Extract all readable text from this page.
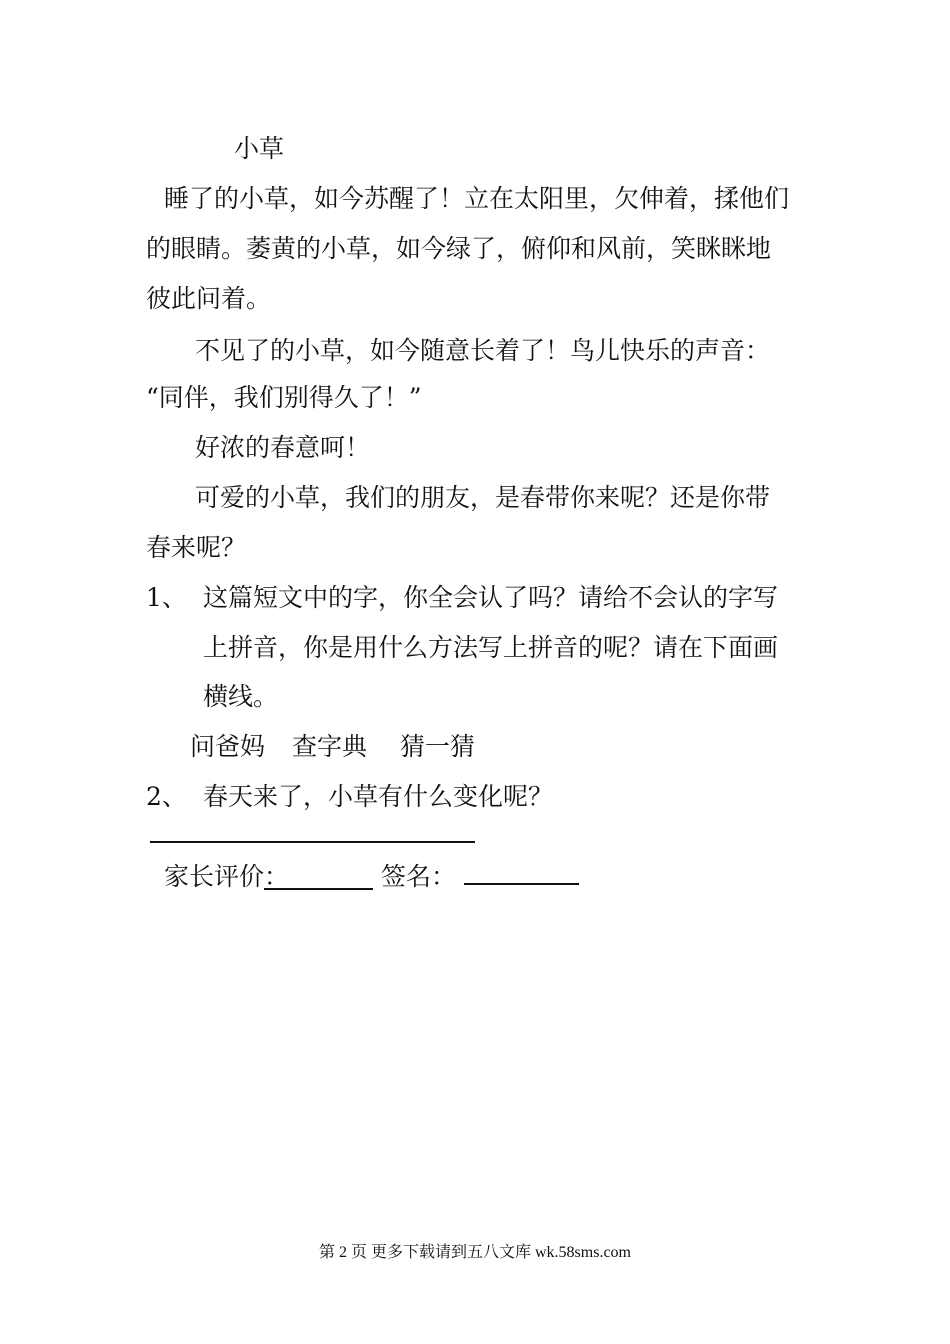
小草
睡了的小草，如今苏醒了！立在太阳里，欠伸着，揉他们
的眼睛。萎黄的小草，如今绿了，俯仰和风前，笑眯眯地
彼此问着。
不见了的小草，如今随意长着了！鸟儿快乐的声音：
“同伴，我们别得久了！”
好浓的春意呵！
可爱的小草，我们的朋友，是春带你来呢？还是你带
春来呢？
1、 这篇短文中的字，你全会认了吗？请给不会认的字写
上拼音，你是用什么方法写上拼音的呢？请在下面画
横线。
问爸妈 查字典 猜一猜
2、 春天来了，小草有什么变化呢？
家长评价：	签名：
第 2 页 更多下载请到五八文库 wk.58sms.com
